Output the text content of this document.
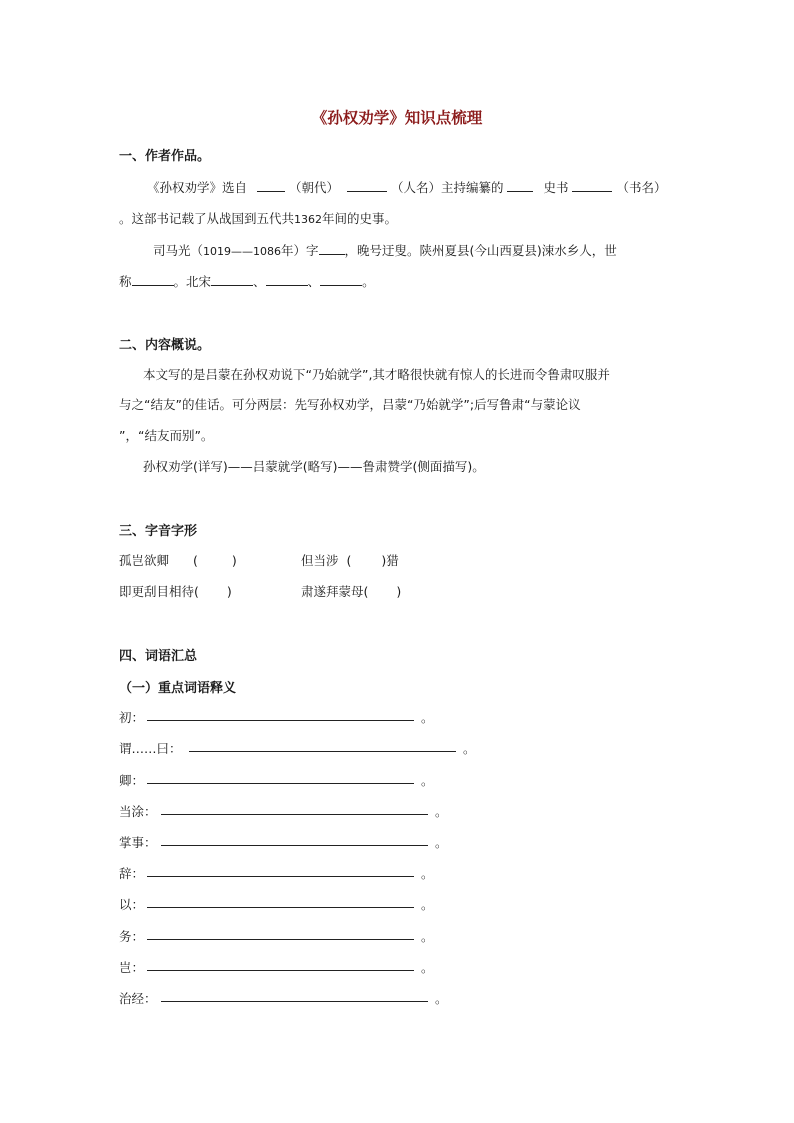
《孙权劝学》知识点梳理
一、作者作品。
《孙权劝学》选自	（朝代）	（人名）主持编纂的	史书	（书名）
。这部书记载了从战国到五代共1362年间的史事。
司马光（1019——1086年）字 ，晚号迂叟。陕州夏县(今山西夏县)涑水乡人，世
称	。北宋	、	、	。
二、内容概说。
本文写的是吕蒙在孙权劝说下“乃始就学”,其才略很快就有惊人的长进而令鲁肃叹服并
与之“结友”的佳话。可分两层：先写孙权劝学，吕蒙“乃始就学”;后写鲁肃“与蒙论议
”，“结友而别”。
孙权劝学(详写)——吕蒙就学(略写)——鲁肃赞学(侧面描写)。
三、字音字形
孤岂欲卿 (	)	但当涉 ( )猎
即更刮目相待( )	肃遂拜蒙母( )
四、词语汇总
（一）重点词语释义
初：	。
谓……曰：	。
卿：	。
当涂：	。
掌事：	。
辞：	。
以：	。
务：	。
岂：	。
治经：	。
